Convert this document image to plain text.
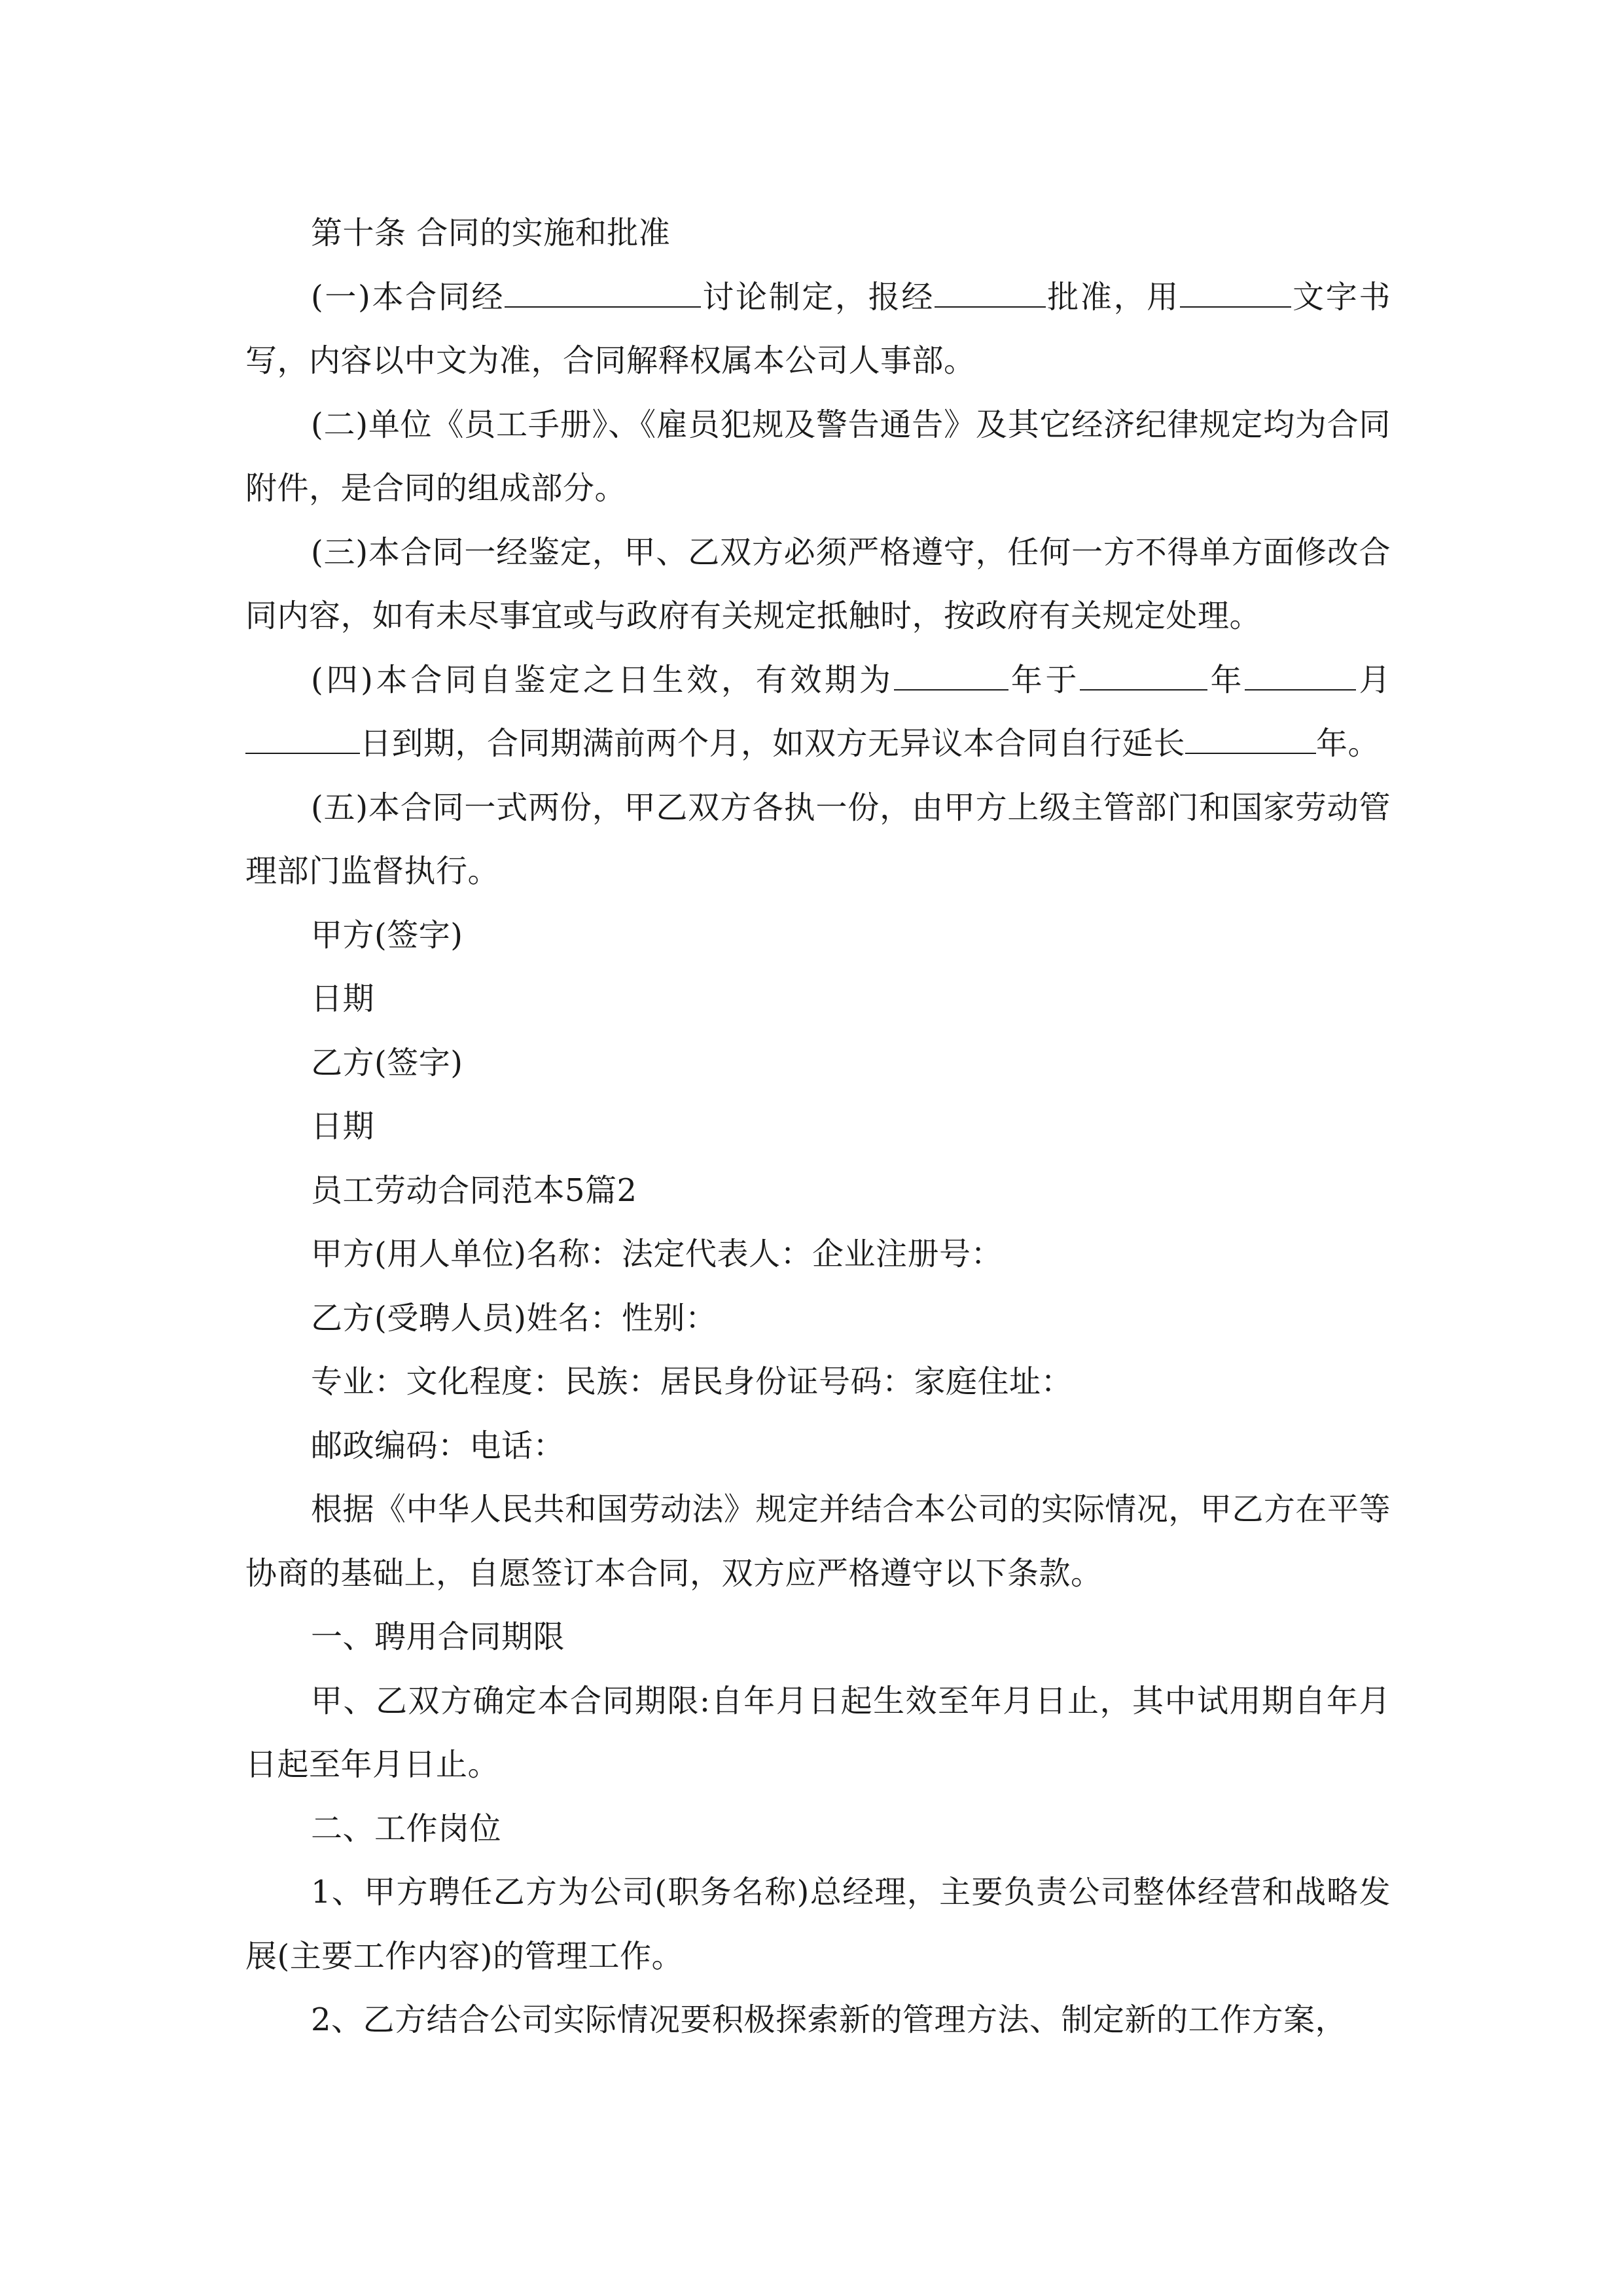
第十条 合同的实施和批准

(一)本合同经	讨论制定，报经	批准，用	文字书写，内容以中文为准，合同解释权属本公司人事部。

(二)单位《员工手册》、《雇员犯规及警告通告》及其它经济纪律规定均为合同附件，是合同的组成部分。

(三)本合同一经鉴定，甲、乙双方必须严格遵守，任何一方不得单方面修改合同内容，如有未尽事宜或与政府有关规定抵触时，按政府有关规定处理。

(四)本合同自鉴定之日生效，有效期为	年于	年	月日到期，合同期满前两个月，如双方无异议本合同自行延长	年。

(五)本合同一式两份，甲乙双方各执一份，由甲方上级主管部门和国家劳动管理部门监督执行。

甲方(签字)

日期

乙方(签字)

日期

员工劳动合同范本5篇2

甲方(用人单位)名称：法定代表人：企业注册号：

乙方(受聘人员)姓名：性别：

专业：文化程度：民族：居民身份证号码：家庭住址：

邮政编码：电话：

根据《中华人民共和国劳动法》规定并结合本公司的实际情况，甲乙方在平等协商的基础上，自愿签订本合同，双方应严格遵守以下条款。

一、聘用合同期限

甲、乙双方确定本合同期限:自年月日起生效至年月日止，其中试用期自年月日起至年月日止。

二、工作岗位

1、甲方聘任乙方为公司(职务名称)总经理，主要负责公司整体经营和战略发展(主要工作内容)的管理工作。

2、乙方结合公司实际情况要积极探索新的管理方法、制定新的工作方案，
